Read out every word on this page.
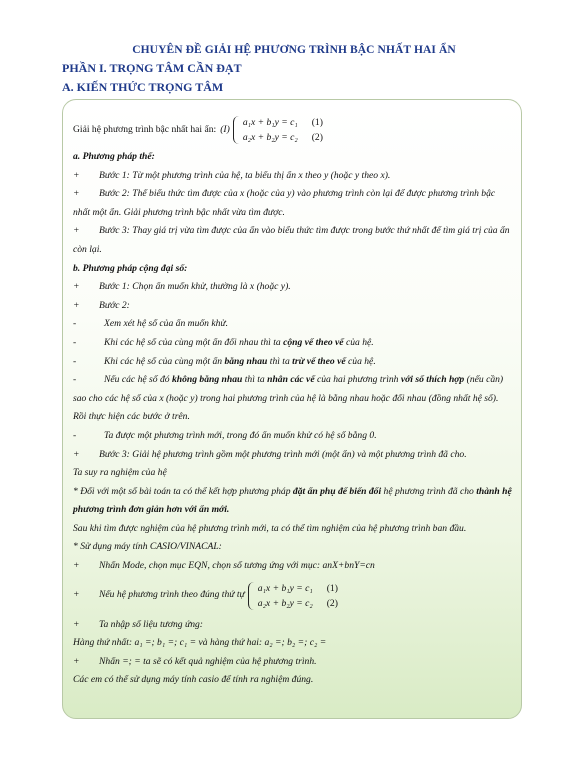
CHUYÊN ĐỀ GIẢI HỆ PHƯƠNG TRÌNH BẬC NHẤT HAI ẨN
PHẦN I. TRỌNG TÂM CẦN ĐẠT
A. KIẾN THỨC TRỌNG TÂM
Giải hệ phương trình bậc nhất hai ẩn: (I)
a₁x + b₁y = c₁ (1)
a₂x + b₂y = c₂ (2)
a. Phương pháp thế:
+ Bước 1: Từ một phương trình của hệ, ta biểu thị ẩn x theo y (hoặc y theo x).
+ Bước 2: Thế biểu thức tìm được của x (hoặc của y) vào phương trình còn lại để được phương trình bậc nhất một ẩn. Giải phương trình bậc nhất vừa tìm được.
+ Bước 3: Thay giá trị vừa tìm được của ẩn vào biểu thức tìm được trong bước thứ nhất để tìm giá trị của ẩn còn lại.
b. Phương pháp cộng đại số:
+ Bước 1: Chọn ẩn muốn khử, thường là x (hoặc y).
+ Bước 2:
-	Xem xét hệ số của ẩn muốn khử.
-	Khi các hệ số của cùng một ẩn đối nhau thì ta cộng vế theo vế của hệ.
-	Khi các hệ số của cùng một ẩn bằng nhau thì ta trừ vế theo vế của hệ.
-	Nếu các hệ số đó không bằng nhau thì ta nhân các vế của hai phương trình với số thích hợp (nếu cần) sao cho các hệ số của x (hoặc y) trong hai phương trình của hệ là bằng nhau hoặc đối nhau (đồng nhất hệ số). Rồi thực hiện các bước ở trên.
-	Ta được một phương trình mới, trong đó ẩn muốn khử có hệ số bằng 0.
+ Bước 3: Giải hệ phương trình gồm một phương trình mới (một ẩn) và một phương trình đã cho.
Ta suy ra nghiệm của hệ
* Đối với một số bài toán ta có thể kết hợp phương pháp đặt ẩn phụ để biến đổi hệ phương trình đã cho thành hệ phương trình đơn giản hơn với ẩn mới.
Sau khi tìm được nghiệm của hệ phương trình mới, ta có thể tìm nghiệm của hệ phương trình ban đầu.
* Sử dụng máy tính CASIO/VINACAL:
+ Nhấn Mode, chọn mục EQN, chọn số tương ứng với mục: anX+bnY=cn
+	Nếu hệ phương trình theo đúng thứ tự
a₁x + b₁y = c₁ (1)
a₂x + b₂y = c₂ (2)
+ Ta nhập số liệu tương ứng:
Hàng thứ nhất: a₁ =; b₁ =; c₁ = và hàng thứ hai: a₂ =; b₂ =; c₂ =
+ Nhấn =; = ta sẽ có kết quả nghiệm của hệ phương trình.
Các em có thể sử dụng máy tính casio để tính ra nghiệm đúng.
